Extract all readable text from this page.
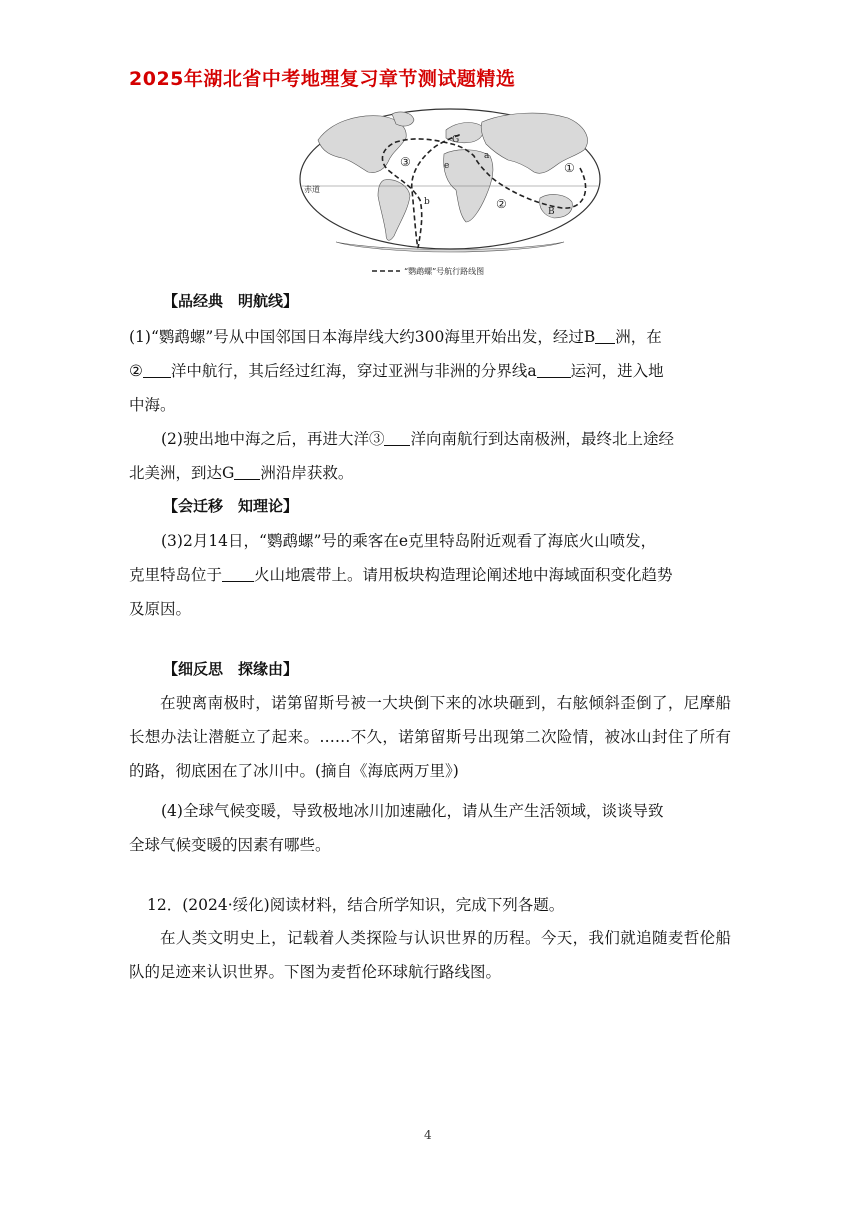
2025年湖北省中考地理复习章节测试题精选
赤道
①
②
③	a
b
e
B
G
“鹦鹉螺”号航行路线图
【品经典　明航线】
(1)“鹦鹉螺”号从中国邻国日本海岸线大约300海里开始出发，经过B 洲，在
② 洋中航行，其后经过红海，穿过亚洲与非洲的分界线a 运河，进入地
中海。
(2)驶出地中海之后，再进大洋③ 洋向南航行到达南极洲，最终北上途经
北美洲，到达G 洲沿岸获救。
【会迁移　知理论】
(3)2月14日，“鹦鹉螺”号的乘客在e克里特岛附近观看了海底火山喷发，
克里特岛位于 火山地震带上。请用板块构造理论阐述地中海域面积变化趋势
及原因。
【细反思　探缘由】
在驶离南极时，诺第留斯号被一大块倒下来的冰块砸到，右舷倾斜歪倒了，尼摩船长想办法让潜艇立了起来。……不久，诺第留斯号出现第二次险情，被冰山封住了所有的路，彻底困在了冰川中。(摘自《海底两万里》)
(4)全球气候变暖，导致极地冰川加速融化，请从生产生活领域，谈谈导致
全球气候变暖的因素有哪些。
12．(2024·绥化)阅读材料，结合所学知识，完成下列各题。
在人类文明史上，记载着人类探险与认识世界的历程。今天，我们就追随麦哲伦船队的足迹来认识世界。下图为麦哲伦环球航行路线图。
4
